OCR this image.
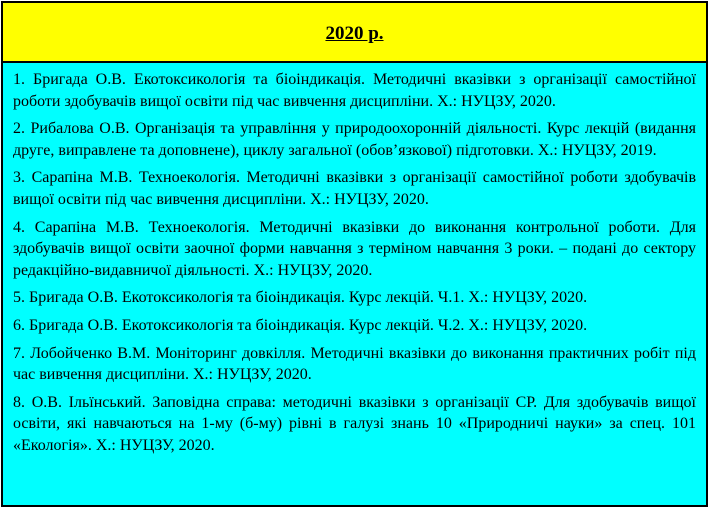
2020 р.

1. Бригада О.В. Екотоксикологія та біоіндикація. Методичні вказівки з організації самостійної роботи здобувачів вищої освіти під час вивчення дисципліни. Х.: НУЦЗУ, 2020.

2. Рибалова О.В. Організація та управління у природоохоронній діяльності. Курс лекцій (видання друге, виправлене та доповнене), циклу загальної (обов’язкової) підготовки. Х.: НУЦЗУ, 2019.

3. Сарапіна М.В. Техноекологія. Методичні вказівки з організації самостійної роботи здобувачів вищої освіти під час вивчення дисципліни. Х.: НУЦЗУ, 2020.

4. Сарапіна М.В. Техноекологія. Методичні вказівки до виконання контрольної роботи. Для здобувачів вищої освіти заочної форми навчання з терміном навчання 3 роки. – подані до сектору редакційно-видавничої діяльності. Х.: НУЦЗУ, 2020.

5. Бригада О.В. Екотоксикологія та біоіндикація. Курс лекцій. Ч.1. Х.: НУЦЗУ, 2020.

6. Бригада О.В. Екотоксикологія та біоіндикація. Курс лекцій. Ч.2. Х.: НУЦЗУ, 2020.

7. Лобойченко В.М. Моніторинг довкілля. Методичні вказівки до виконання практичних робіт під час вивчення дисципліни. Х.: НУЦЗУ, 2020.

8. О.В. Ільїнський. Заповідна справа: методичні вказівки з організації СР. Для здобувачів вищої освіти, які навчаються на 1-му (б-му) рівні в галузі знань 10 «Природничі науки» за спец. 101 «Екологія». Х.: НУЦЗУ, 2020.
